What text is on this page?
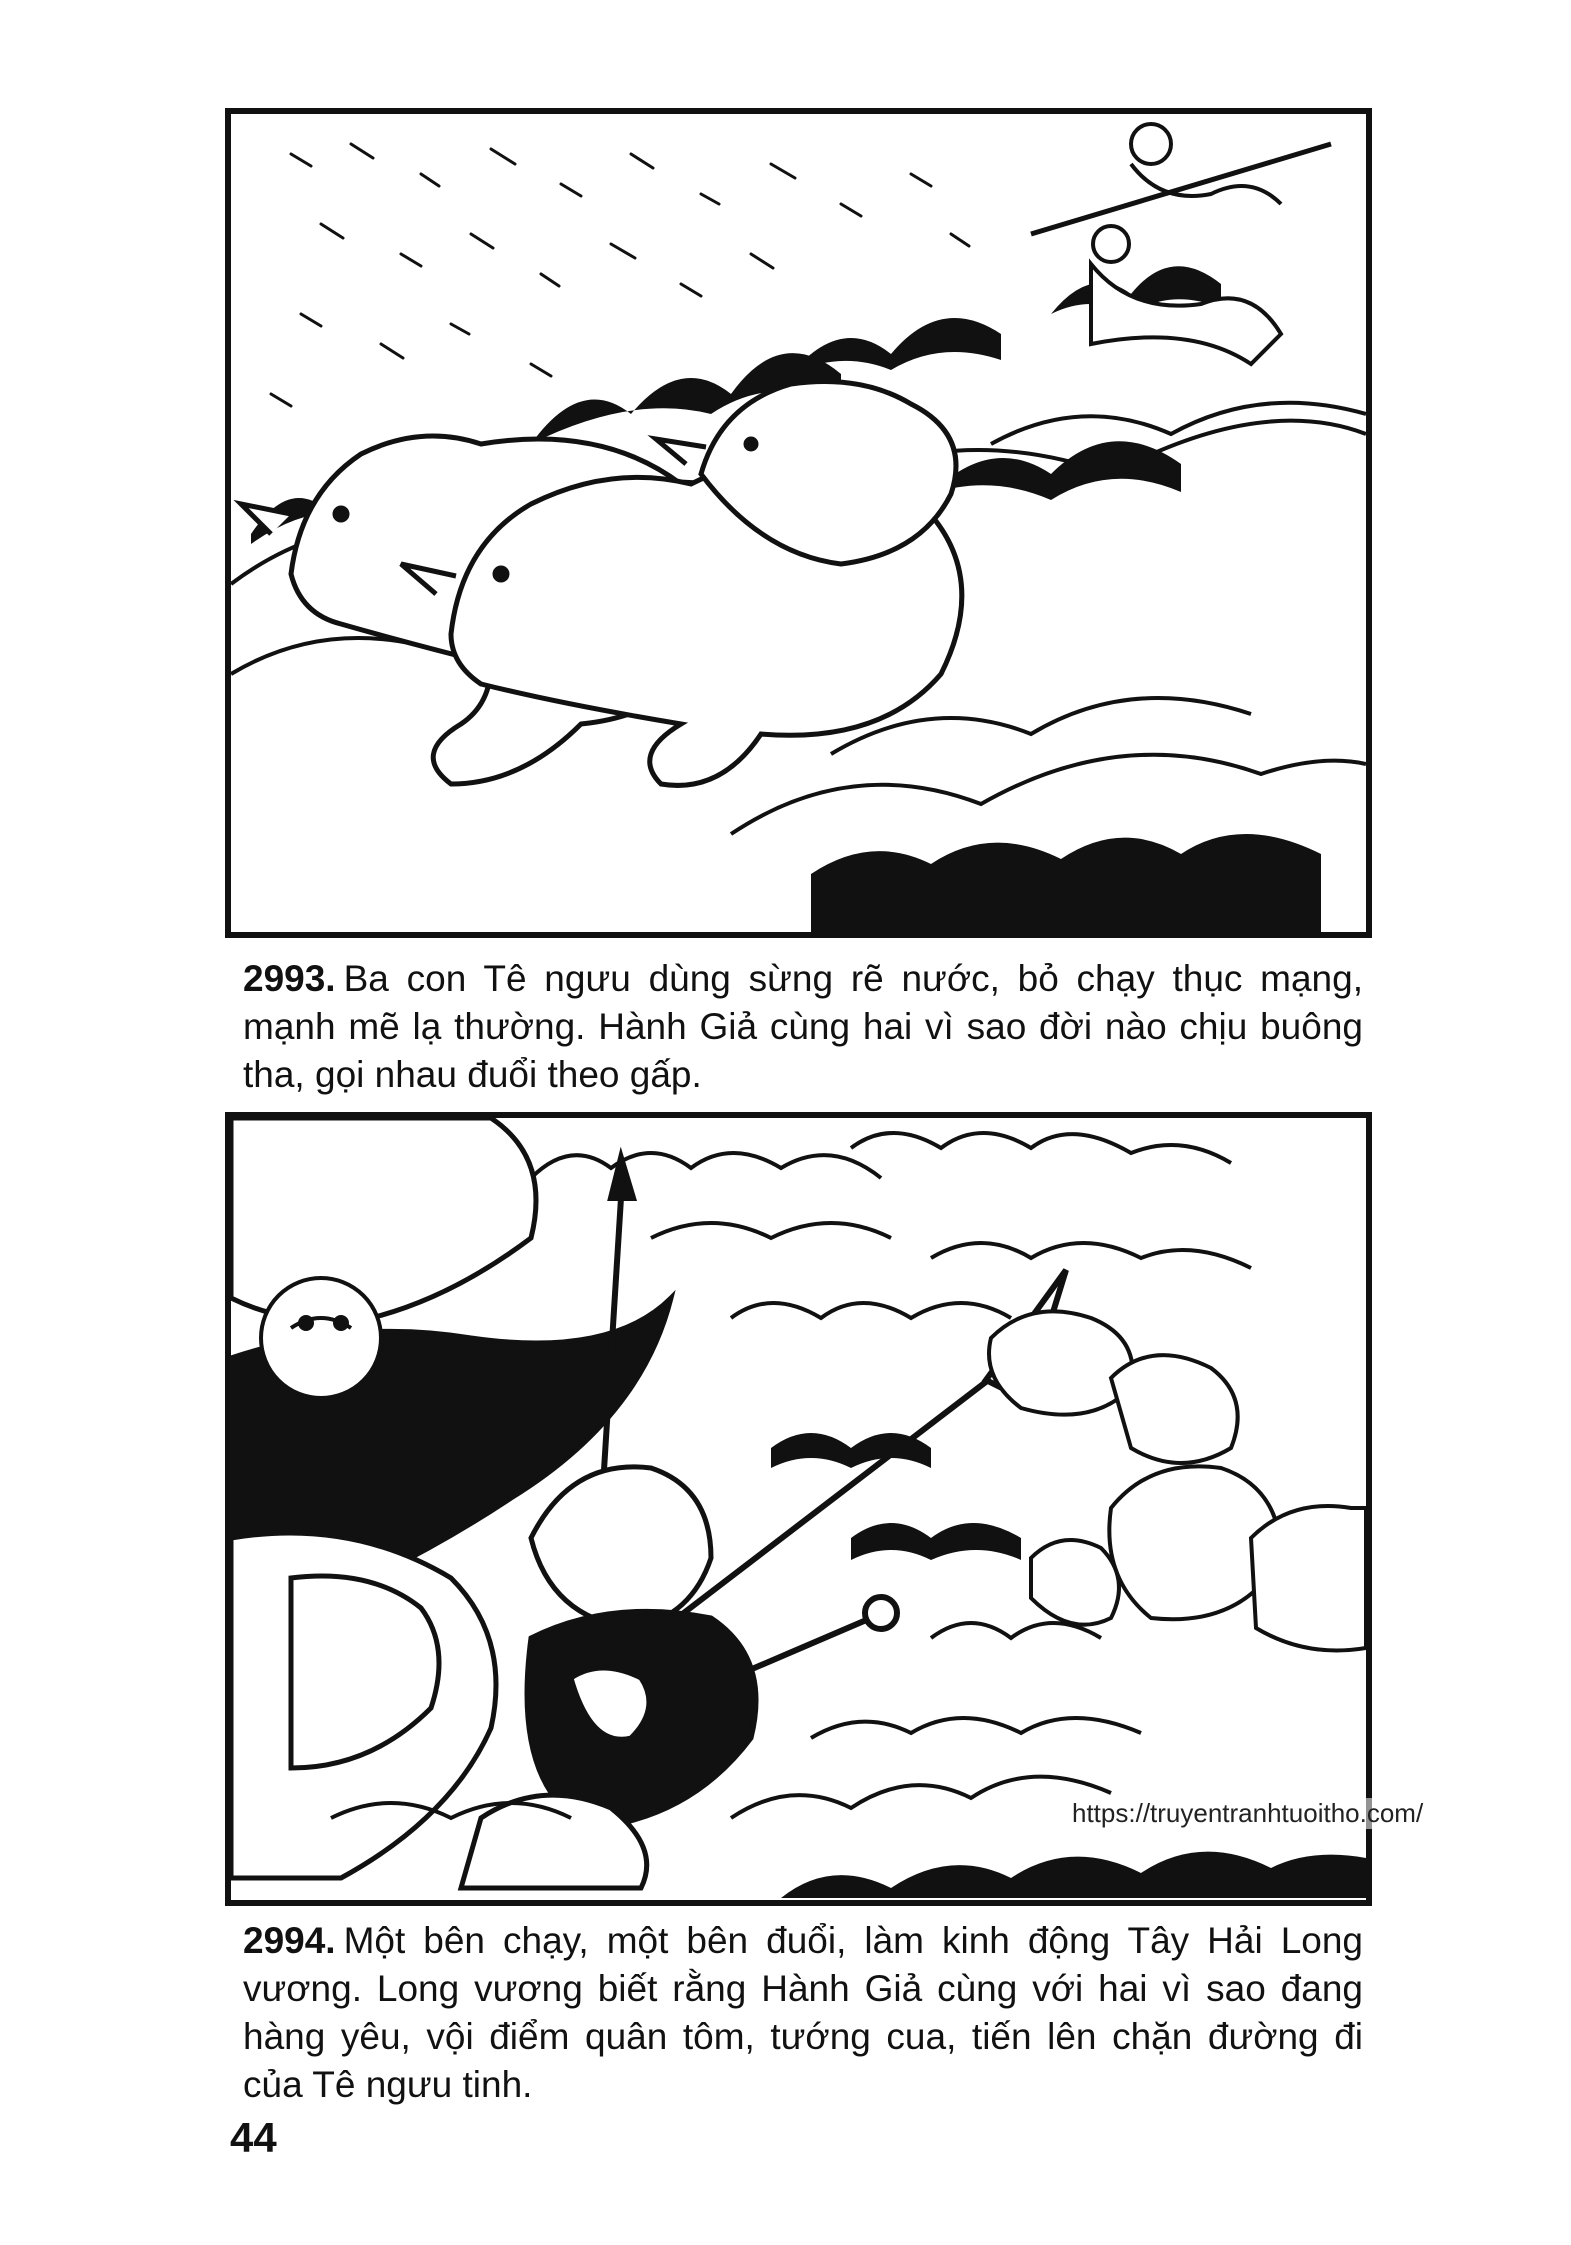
2993. Ba con Tê ngưu dùng sừng rẽ nước, bỏ chạy thục mạng, mạnh mẽ lạ thường. Hành Giả cùng hai vì sao đời nào chịu buông tha, gọi nhau đuổi theo gấp.

https://truyentranhtuoitho.com/

2994. Một bên chạy, một bên đuổi, làm kinh động Tây Hải Long vương. Long vương biết rằng Hành Giả cùng với hai vì sao đang hàng yêu, vội điểm quân tôm, tướng cua, tiến lên chặn đường đi của Tê ngưu tinh.

44
